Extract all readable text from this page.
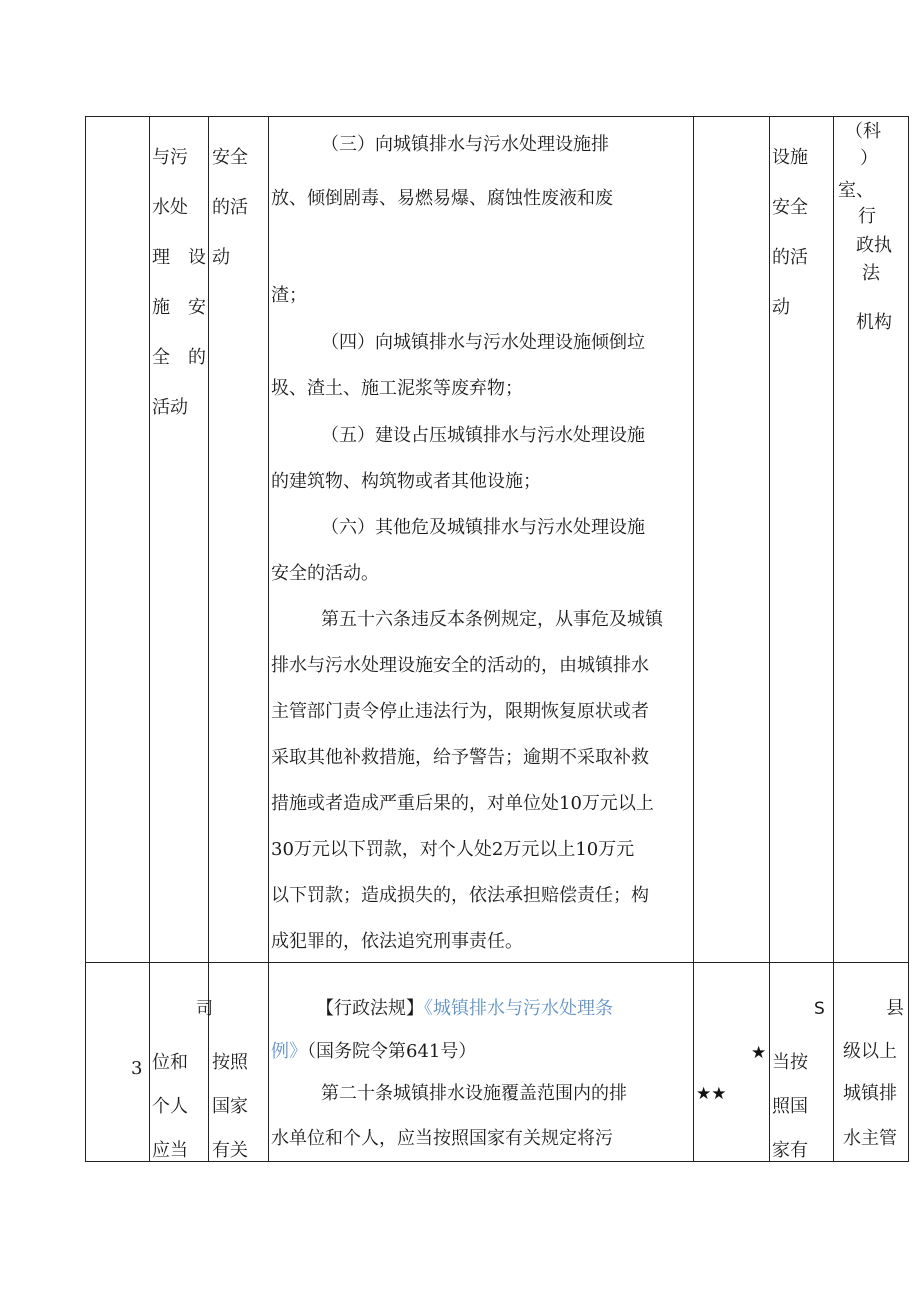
与污
水处
理　设
施　安
全　的
活动
安全
的活
动
（三）向城镇排水与污水处理设施排
放、倾倒剧毒、易燃易爆、腐蚀性废液和废
渣；
（四）向城镇排水与污水处理设施倾倒垃
圾、渣土、施工泥浆等废弃物；
（五）建设占压城镇排水与污水处理设施
的建筑物、构筑物或者其他设施；
（六）其他危及城镇排水与污水处理设施
安全的活动。
第五十六条违反本条例规定，从事危及城镇
排水与污水处理设施安全的活动的，由城镇排水
主管部门责令停止违法行为，限期恢复原状或者
采取其他补救措施，给予警告；逾期不采取补救
措施或者造成严重后果的，对单位处10万元以上
30万元以下罚款，对个人处2万元以上10万元
以下罚款；造成损失的，依法承担赔偿责任；构
成犯罪的，依法追究刑事责任。
设施
安全
的活
动
（科
）
室、
行
政执
法
机构
3
司
位和
个人
应当
按照
国家
有关
【行政法规】《城镇排水与污水处理条
例》（国务院令第641号）
第二十条城镇排水设施覆盖范围内的排
水单位和个人，应当按照国家有关规定将污
★
★★
S
当按
照国
家有
县
级以上
城镇排
水主管
